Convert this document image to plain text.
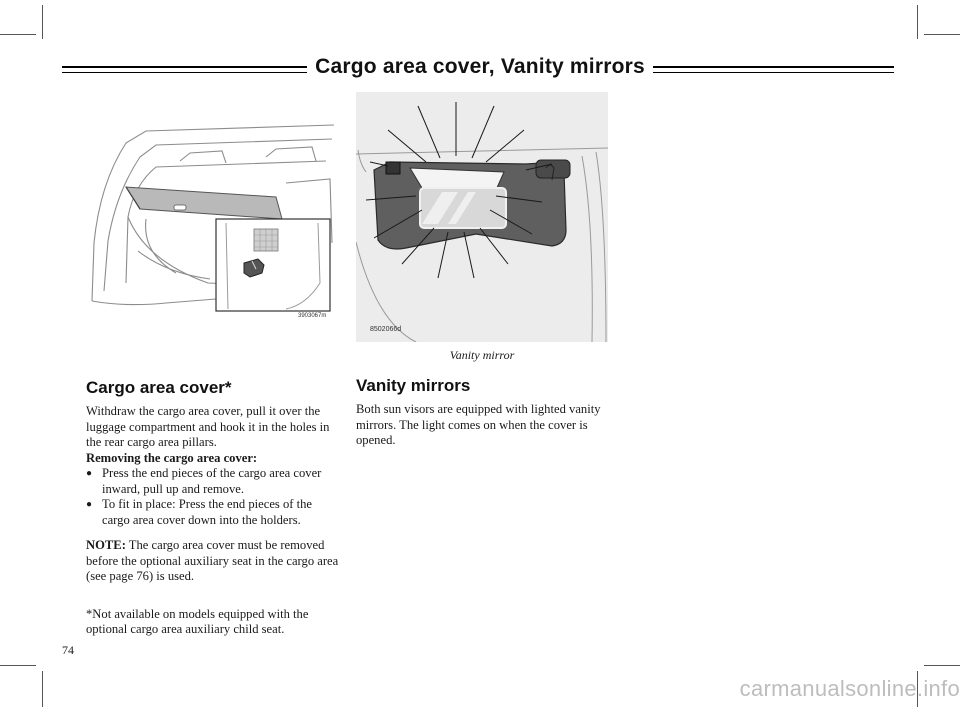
Cargo area cover, Vanity mirrors
3903067m
8502066d
Vanity mirror
Cargo area cover*

Withdraw the cargo area cover, pull it over the luggage compartment and hook it in the holes in the rear cargo area pillars.

Removing the cargo area cover:

● Press the end pieces of the cargo area cover inward, pull up and remove.
● To fit in place: Press the end pieces of the cargo area cover down into the holders.

NOTE: The cargo area cover must be removed before the optional auxiliary seat in the cargo area (see page 76) is used.

*Not available on models equipped with the optional cargo area auxiliary child seat.

Vanity mirrors

Both sun visors are equipped with lighted vanity mirrors. The light comes on when the cover is opened.

74
carmanualsonline.info
